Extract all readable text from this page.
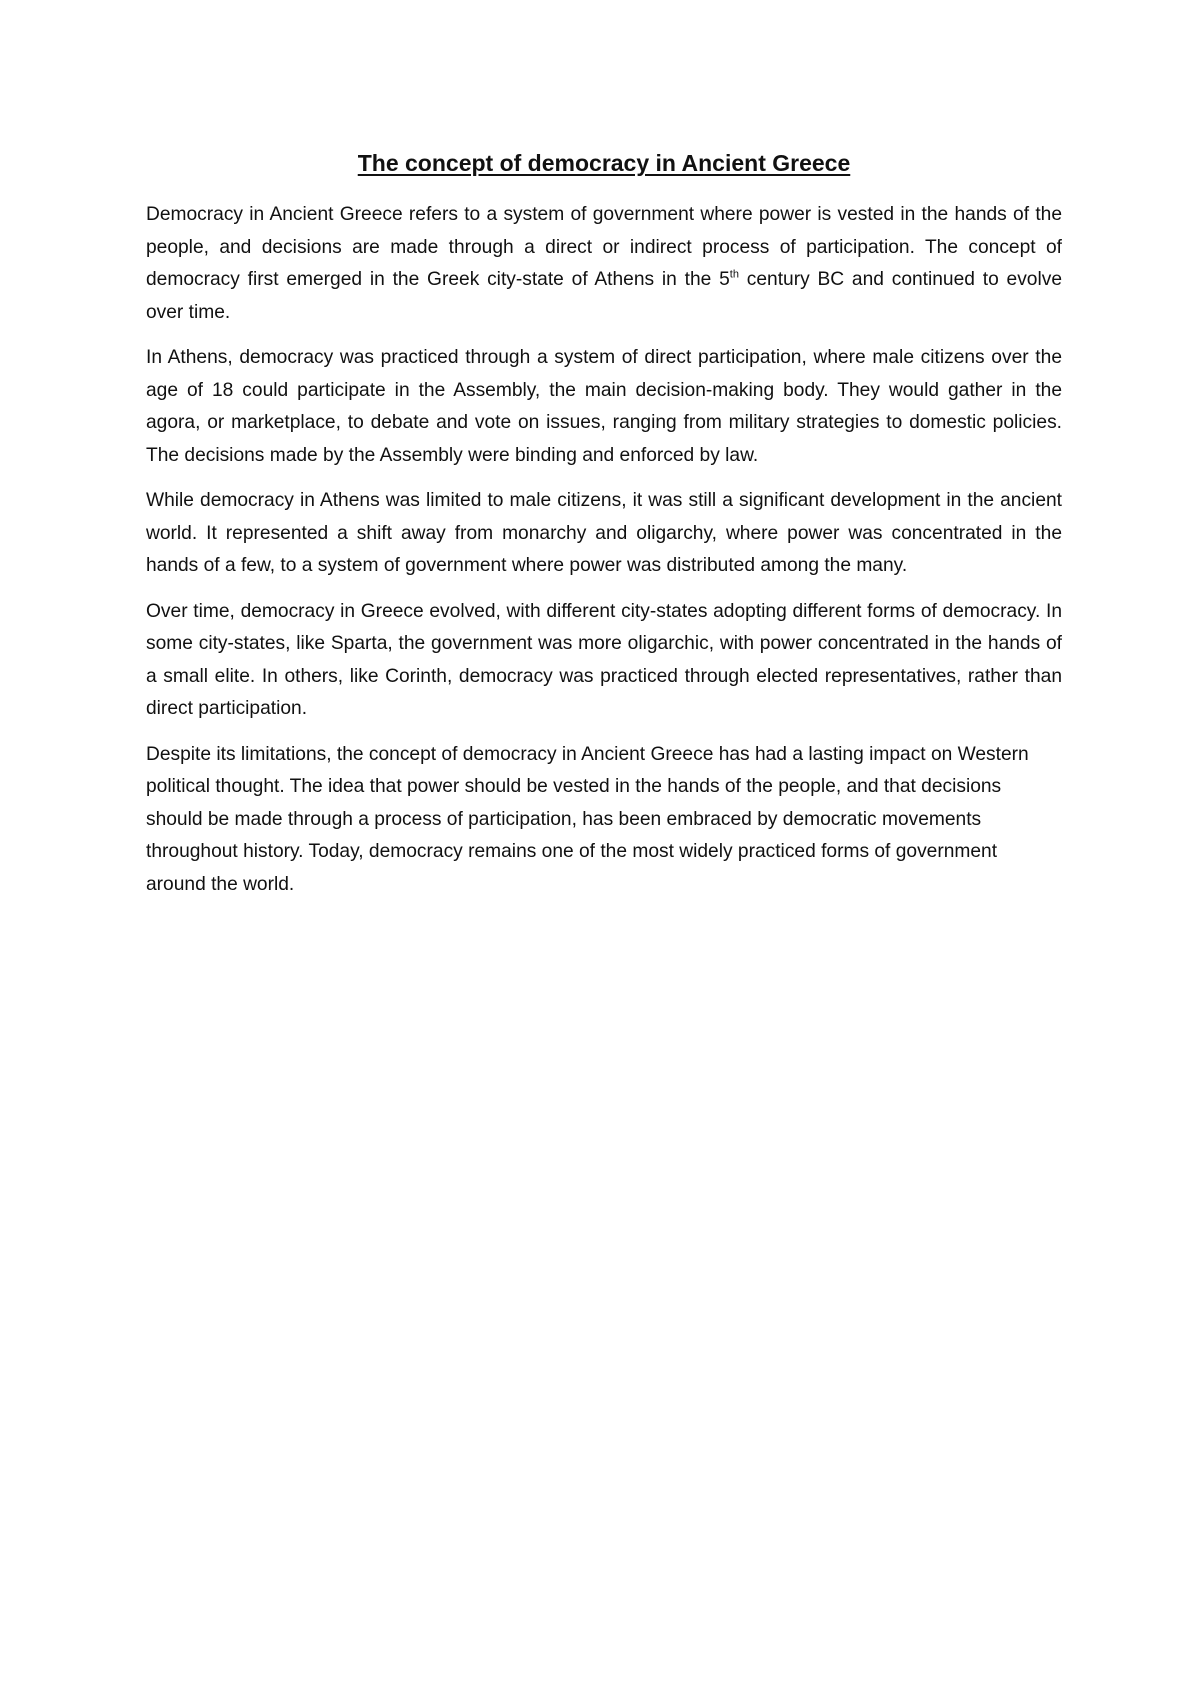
The concept of democracy in Ancient Greece

Democracy in Ancient Greece refers to a system of government where power is vested in the hands of the people, and decisions are made through a direct or indirect process of participation. The concept of democracy first emerged in the Greek city-state of Athens in the 5th century BC and continued to evolve over time.

In Athens, democracy was practiced through a system of direct participation, where male citizens over the age of 18 could participate in the Assembly, the main decision-making body. They would gather in the agora, or marketplace, to debate and vote on issues, ranging from military strategies to domestic policies. The decisions made by the Assembly were binding and enforced by law.

While democracy in Athens was limited to male citizens, it was still a significant development in the ancient world. It represented a shift away from monarchy and oligarchy, where power was concentrated in the hands of a few, to a system of government where power was distributed among the many.

Over time, democracy in Greece evolved, with different city-states adopting different forms of democracy. In some city-states, like Sparta, the government was more oligarchic, with power concentrated in the hands of a small elite. In others, like Corinth, democracy was practiced through elected representatives, rather than direct participation.

Despite its limitations, the concept of democracy in Ancient Greece has had a lasting impact on Western political thought. The idea that power should be vested in the hands of the people, and that decisions should be made through a process of participation, has been embraced by democratic movements throughout history. Today, democracy remains one of the most widely practiced forms of government around the world.
